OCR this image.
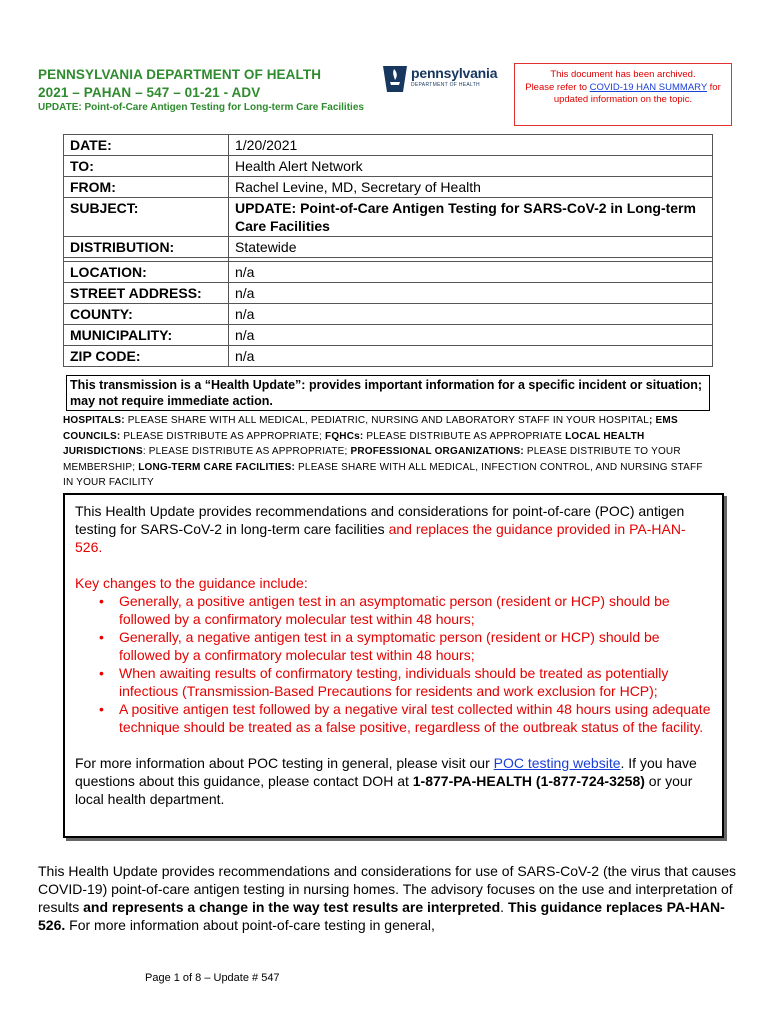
PENNSYLVANIA DEPARTMENT OF HEALTH
2021 – PAHAN – 547 – 01-21 - ADV
UPDATE: Point-of-Care Antigen Testing for Long-term Care Facilities
pennsylvania
DEPARTMENT OF HEALTH
This document has been archived.
Please refer to COVID-19 HAN SUMMARY for updated information on the topic.
DATE:	1/20/2021
TO:	Health Alert Network
FROM:	Rachel Levine, MD, Secretary of Health
SUBJECT:	UPDATE: Point-of-Care Antigen Testing for SARS-CoV-2 in Long-term Care Facilities
DISTRIBUTION:	Statewide

LOCATION:	n/a
STREET ADDRESS:	n/a
COUNTY:	n/a
MUNICIPALITY:	n/a
ZIP CODE:	n/a
This transmission is a “Health Update”: provides important information for a specific incident or situation; may not require immediate action.
HOSPITALS: PLEASE SHARE WITH ALL MEDICAL, PEDIATRIC, NURSING AND LABORATORY STAFF IN YOUR HOSPITAL; EMS COUNCILS: PLEASE DISTRIBUTE AS APPROPRIATE; FQHCs: PLEASE DISTRIBUTE AS APPROPRIATE LOCAL HEALTH JURISDICTIONS: PLEASE DISTRIBUTE AS APPROPRIATE; PROFESSIONAL ORGANIZATIONS: PLEASE DISTRIBUTE TO YOUR MEMBERSHIP; LONG-TERM CARE FACILITIES: PLEASE SHARE WITH ALL MEDICAL, INFECTION CONTROL, AND NURSING STAFF IN YOUR FACILITY

This Health Update provides recommendations and considerations for point-of-care (POC) antigen testing for SARS-CoV-2 in long-term care facilities and replaces the guidance provided in PA-HAN-526.

Key changes to the guidance include:

• Generally, a positive antigen test in an asymptomatic person (resident or HCP) should be followed by a confirmatory molecular test within 48 hours;
• Generally, a negative antigen test in a symptomatic person (resident or HCP) should be followed by a confirmatory molecular test within 48 hours;
• When awaiting results of confirmatory testing, individuals should be treated as potentially infectious (Transmission-Based Precautions for residents and work exclusion for HCP);
• A positive antigen test followed by a negative viral test collected within 48 hours using adequate technique should be treated as a false positive, regardless of the outbreak status of the facility.

For more information about POC testing in general, please visit our POC testing website. If you have questions about this guidance, please contact DOH at 1-877-PA-HEALTH (1-877-724-3258) or your local health department.

This Health Update provides recommendations and considerations for use of SARS-CoV-2 (the virus that causes COVID-19) point-of-care antigen testing in nursing homes. The advisory focuses on the use and interpretation of results and represents a change in the way test results are interpreted. This guidance replaces PA-HAN-526. For more information about point-of-care testing in general,
Page 1 of 8 – Update # 547
